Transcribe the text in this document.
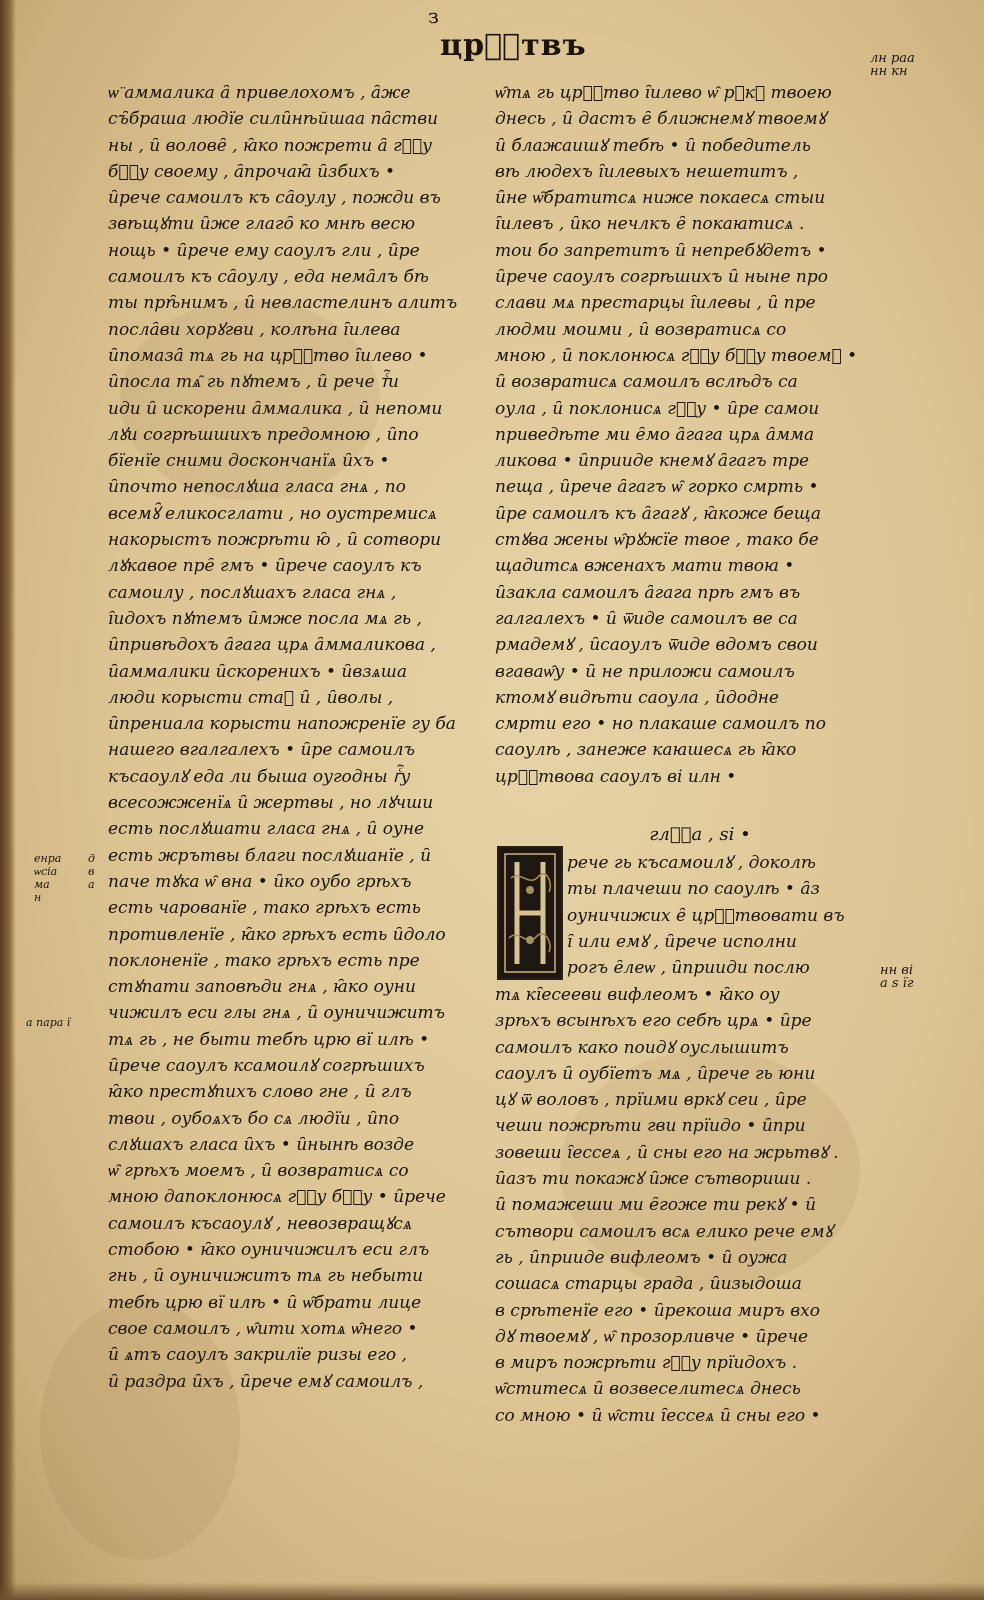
з
црⷭ҇твъ	лн раа
нн кн
енра
ѡсіа
ма
н
д
в
а
а пара ї
нн ві
а ѕ їг
ѡ̈ аммалика а̑ привелохомъ , а̑же
съ̑браша людїе сили̑нѣйшаа па̑стви
ны , и̑ волове̑ , ꙗ̑ко пожрети а̑ гⷭ҇у
бⷢ҇у своему , а̑прочаꙗ̑ и̑збихъ •
и̑рече самоилъ къ са̑оулу , пожди въ
звѣщꙋти и̑же глаго̑ ко мнѣ весю
нощь • и̑рече ему саоулъ гли , и̑ре
самоилъ къ са̑оулу , еда нема̑лъ бѣ
ты прѣ̑нимъ , и̑ невластелинъ алитъ
посла̑ви хорꙋгви , колѣна і̑илева
и̑помаза̑ тѧ гь на црⷭ҇тво і̑илево •
и̑посла тѧ̑ гь пꙋтемъ , и̑ рече тⷭ҇и
иди и̑ искорени а̑ммалика , и̑ непоми
лꙋи согрѣшшихъ предомною , и̑по
бїенїе сними доскончанїѧ и̑хъ •
и̑почто непослꙋша гласа гнѧ , по
всемꙋ̑ еликосглати , но оустремисѧ
накорыстъ пожрѣти ю̑ , и̑ сотвори
лꙋкавое пре̑ гмъ • и̑рече саоулъ къ
самоилу , послꙋшахъ гласа гнѧ ,
і̑идохъ пꙋтемъ и̑мже посла мѧ гь ,
и̑привѣдохъ а̑гага црѧ а̑ммаликова ,
и̑аммалики и̑скоренихъ • и̑взѧша
люди корысти стаⷣ и̑ , и̑волы ,
и̑прениала корысти напожренїе гу ба
нашего вгалгалехъ • и̑ре самоилъ
късаоулꙋ еда ли быша оугодны гⷭ҇у
всесожженїѧ и̑ жертвы , но лꙋчши
есть послꙋшати гласа гнѧ , и̑ оуне
есть жрътвы благи послꙋшанїе , и̑
паче тꙋка ѡ̑ вна • и̑ко оубо грѣхъ
есть чарованїе , тако грѣхъ есть
противленїе , ꙗ̑ко грѣхъ есть и̑доло
поклоненїе , тако грѣхъ есть пре
стꙋпати заповѣди гнѧ , ꙗ̑ко оуни
чижилъ еси глы гнѧ , и̑ оуничижитъ
тѧ гь , не быти тебѣ црю вї илѣ •
и̑рече саоулъ ксамоилꙋ согрѣшихъ
ꙗ̑ко престꙋпихъ слово гне , и̑ глъ
твои , оубоѧхъ бо сѧ людїи , и̑по
слꙋшахъ гласа и̑хъ • и̑нынѣ возде
ѡ̑ грѣхъ моемъ , и̑ возвратисѧ со
мною дапоклонюсѧ гⷭ҇у бⷢ҇у • и̑рече
самоилъ късаоулꙋ , невозвращꙋсѧ
стобою • ꙗ̑ко оуничижилъ еси глъ
гнь , и̑ оуничижитъ тѧ гь небыти
тебѣ црю вї илѣ • и̑ ѡ̑брати лице
свое самоилъ , ѡ̑ити хотѧ ѡ̑него •
и̑ ѧтъ саоулъ закрилїе ризы его ,
и̑ раздра и̑хъ , и̑рече емꙋ самоилъ ,
ѡ̑тѧ гь црⷭ҇тво і̑илево ѡ̑ рꙋкꙋ твоею
днесь , и̑ дастъ е̑ ближнемꙋ твоемꙋ
и̑ блажаишꙋ тебѣ • и̑ победитель
вѣ людехъ і̑илевыхъ нешетитъ ,
и̑не ѡ̑братитсѧ ниже покаесѧ стыи
і̑илевъ , и̑ко нечлкъ е̑ покаꙗтисѧ .
тои бо запретитъ и̑ непребꙋдетъ •
и̑рече саоулъ согрѣшихъ и̑ ныне про
слави мѧ престарцы і̑илевы , и̑ пре
людми моими , и̑ возвратисѧ со
мною , и̑ поклонюсѧ гⷭ҇у бⷢ҇у твоемꙋ •
и̑ возвратисѧ самоилъ вслѣдъ са
оула , и̑ поклонисѧ гⷭ҇у • и̑ре самои
приведѣте ми е̑мо а̑гага црѧ а̑мма
ликова • и̑прииде кнемꙋ а̑гагъ тре
пеща , и̑рече а̑гагъ ѡ̑ горко смрть •
и̑ре самоилъ къ а̑гагꙋ , ꙗ̑коже беща
стꙋва жены ѡ̑рꙋжїе твое , тако бе
щадитсѧ вженахъ мати твоꙗ •
и̑закла самоилъ а̑гага прѣ гмъ въ
галгалехъ • и̑ ѿиде самоилъ ве са
рмадемꙋ , и̑саоулъ ѿиде вдомъ свои
вгаваѡ̑у • и̑ не приложи самоилъ
ктомꙋ видѣти саоула , и̑додне
смрти его • но плакаше самоилъ по
саоулѣ , занеже каꙗшесѧ гь ꙗ̑ко
црⷭ҇твова саоулъ ві илн •
глⷡ҇а , ѕі •
рече гь късамоилꙋ , доколѣ
ты плачеши по саоулѣ • а̑з
оуничижих е̑ црⷭ҇твовати въ
і̑ или емꙋ , и̑рече исполни
рогъ е̑леѡ , и̑прииди послю
тѧ кі̑есееви вифлеомъ • ꙗ̑ко оу
зрѣхъ всынѣхъ его себѣ црѧ • и̑ре
самоилъ како поидꙋ оуслышитъ
саоулъ и̑ оубїетъ мѧ , и̑рече гь юни
цꙋ ѿ воловъ , прїими вркꙋ сеи , и̑ре
чеши пожрѣти гви прїидо • и̑при
зовеши і̑ессеѧ , и̑ сны его на жрьтвꙋ .
и̑азъ ти покажꙋ и̑же сътвориши .
и̑ помажеши ми е̑гоже ти рекꙋ • и̑
сътвори самоилъ всѧ елико рече емꙋ
гь , и̑прииде вифлеомъ • и̑ оужа
сошасѧ старцы града , и̑изыдоша
в срѣтенїе его • и̑рекоша миръ вхо
дꙋ твоемꙋ , ѡ̑ прозорливче • и̑рече
в миръ пожрѣти гⷭ҇у прїидохъ .
ѡ̑ститесѧ и̑ возвеселитесѧ днесь
со мною • и̑ ѡ̑сти і̑ессеѧ и̑ сны его •
